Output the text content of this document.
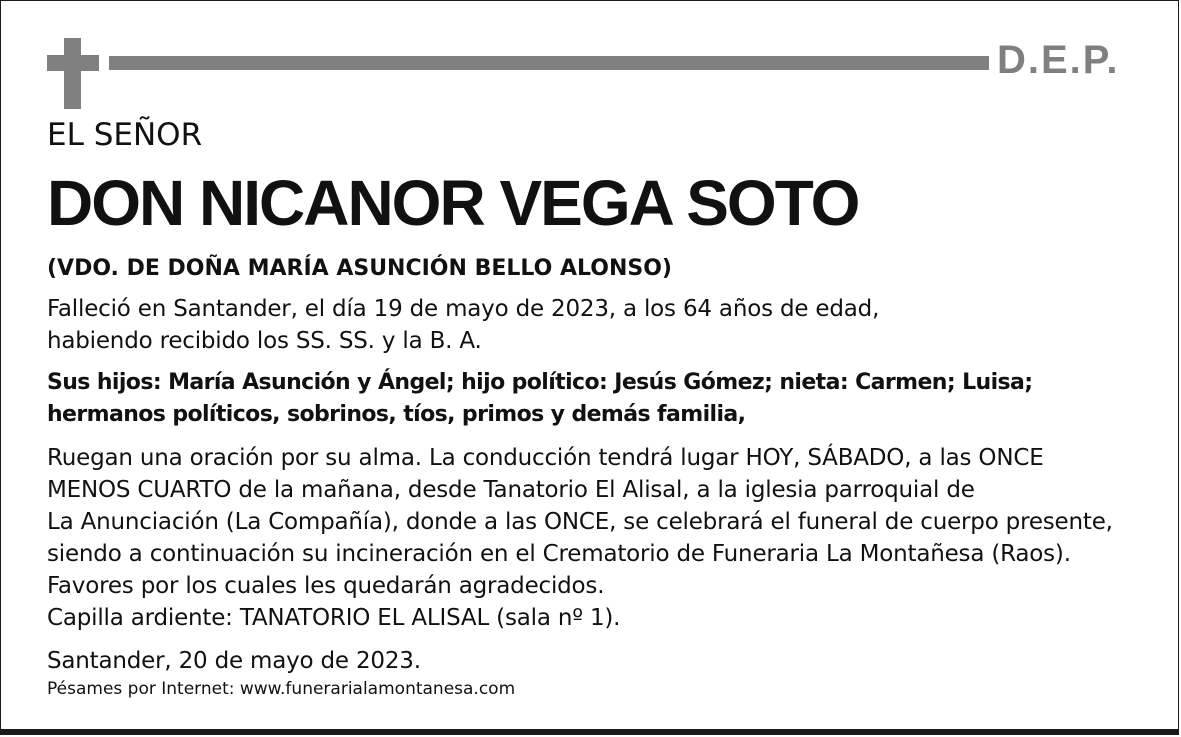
D.E.P.
EL SEÑOR
DON NICANOR VEGA SOTO
(VDO. DE DOÑA MARÍA ASUNCIÓN BELLO ALONSO)
Falleció en Santander, el día 19 de mayo de 2023, a los 64 años de edad,
habiendo recibido los SS. SS. y la B. A.
Sus hijos: María Asunción y Ángel; hijo político: Jesús Gómez; nieta: Carmen; Luisa;
hermanos políticos, sobrinos, tíos, primos y demás familia,
Ruegan una oración por su alma. La conducción tendrá lugar HOY, SÁBADO, a las ONCE
MENOS CUARTO de la mañana, desde Tanatorio El Alisal, a la iglesia parroquial de
La Anunciación (La Compañía), donde a las ONCE, se celebrará el funeral de cuerpo presente,
siendo a continuación su incineración en el Crematorio de Funeraria La Montañesa (Raos).
Favores por los cuales les quedarán agradecidos.
Capilla ardiente: TANATORIO EL ALISAL (sala nº 1).
Santander, 20 de mayo de 2023.
Pésames por Internet: www.funerarialamontanesa.com
